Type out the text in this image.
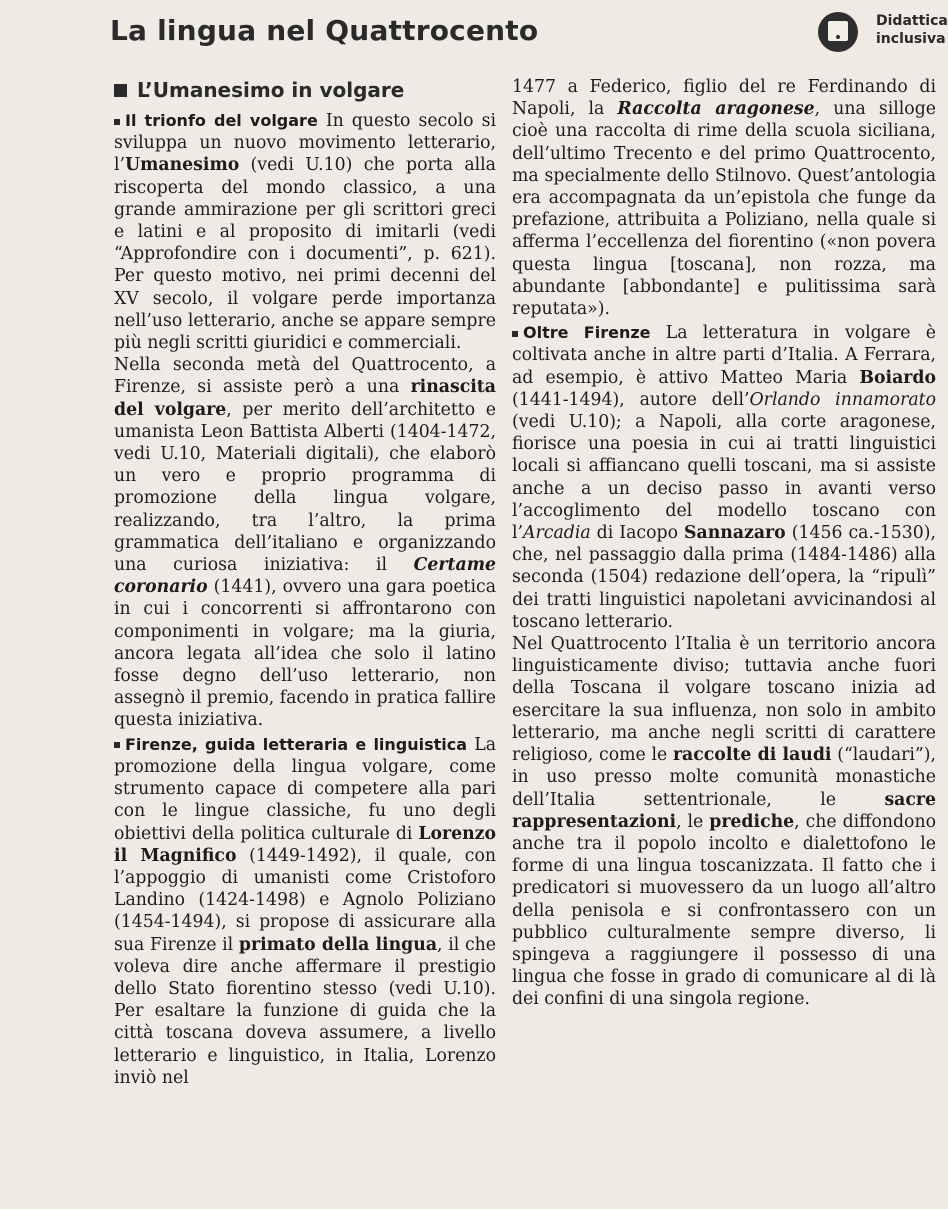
La lingua nel Quattrocento	Didattica
inclusiva
L’Umanesimo in volgare

Il trionfo del volgare In questo secolo si sviluppa un nuovo movimento letterario, l’Umanesimo (vedi U.10) che porta alla riscoperta del mondo classico, a una grande ammirazione per gli scrittori greci e latini e al proposito di imitarli (vedi “Approfondire con i documenti”, p. 621). Per questo motivo, nei primi decenni del XV secolo, il volgare perde importanza nell’uso letterario, anche se appare sempre più negli scritti giuridici e commerciali.

Nella seconda metà del Quattrocento, a Firenze, si assiste però a una rinascita del volgare, per merito dell’architetto e umanista Leon Battista Alberti (1404-1472, vedi U.10, Materiali digitali), che elaborò un vero e proprio programma di promozione della lingua volgare, realizzando, tra l’altro, la prima grammatica dell’italiano e organizzando una curiosa iniziativa: il Certame coronario (1441), ovvero una gara poetica in cui i concorrenti si affrontarono con componimenti in volgare; ma la giuria, ancora legata all’idea che solo il latino fosse degno dell’uso letterario, non assegnò il premio, facendo in pratica fallire questa iniziativa.

Firenze, guida letteraria e linguistica La promozione della lingua volgare, come strumento capace di competere alla pari con le lingue classiche, fu uno degli obiettivi della politica culturale di Lorenzo il Magnifico (1449-1492), il quale, con l’appoggio di umanisti come Cristoforo Landino (1424-1498) e Agnolo Poliziano (1454-1494), si propose di assicurare alla sua Firenze il primato della lingua, il che voleva dire anche affermare il prestigio dello Stato fiorentino stesso (vedi U.10). Per esaltare la funzione di guida che la città toscana doveva assumere, a livello letterario e linguistico, in Italia, Lorenzo inviò nel

1477 a Federico, figlio del re Ferdinando di Napoli, la Raccolta aragonese, una silloge cioè una raccolta di rime della scuola siciliana, dell’ultimo Trecento e del primo Quattrocento, ma specialmente dello Stilnovo. Quest’antologia era accompagnata da un’epistola che funge da prefazione, attribuita a Poliziano, nella quale si afferma l’eccellenza del fiorentino («non povera questa lingua [toscana], non rozza, ma abundante [abbondante] e pulitissima sarà reputata»).

Oltre Firenze La letteratura in volgare è coltivata anche in altre parti d’Italia. A Ferrara, ad esempio, è attivo Matteo Maria Boiardo (1441-1494), autore dell’Orlando innamorato (vedi U.10); a Napoli, alla corte aragonese, fiorisce una poesia in cui ai tratti linguistici locali si affiancano quelli toscani, ma si assiste anche a un deciso passo in avanti verso l’accoglimento del modello toscano con l’Arcadia di Iacopo Sannazaro (1456 ca.-1530), che, nel passaggio dalla prima (1484-1486) alla seconda (1504) redazione dell’opera, la “ripulì” dei tratti linguistici napoletani avvicinandosi al toscano letterario.

Nel Quattrocento l’Italia è un territorio ancora linguisticamente diviso; tuttavia anche fuori della Toscana il volgare toscano inizia ad esercitare la sua influenza, non solo in ambito letterario, ma anche negli scritti di carattere religioso, come le raccolte di laudi (“laudari”), in uso presso molte comunità monastiche dell’Italia settentrionale, le sacre rappresentazioni, le prediche, che diffondono anche tra il popolo incolto e dialettofono le forme di una lingua toscanizzata. Il fatto che i predicatori si muovessero da un luogo all’altro della penisola e si confrontassero con un pubblico culturalmente sempre diverso, li spingeva a raggiungere il possesso di una lingua che fosse in grado di comunicare al di là dei confini di una singola regione.
